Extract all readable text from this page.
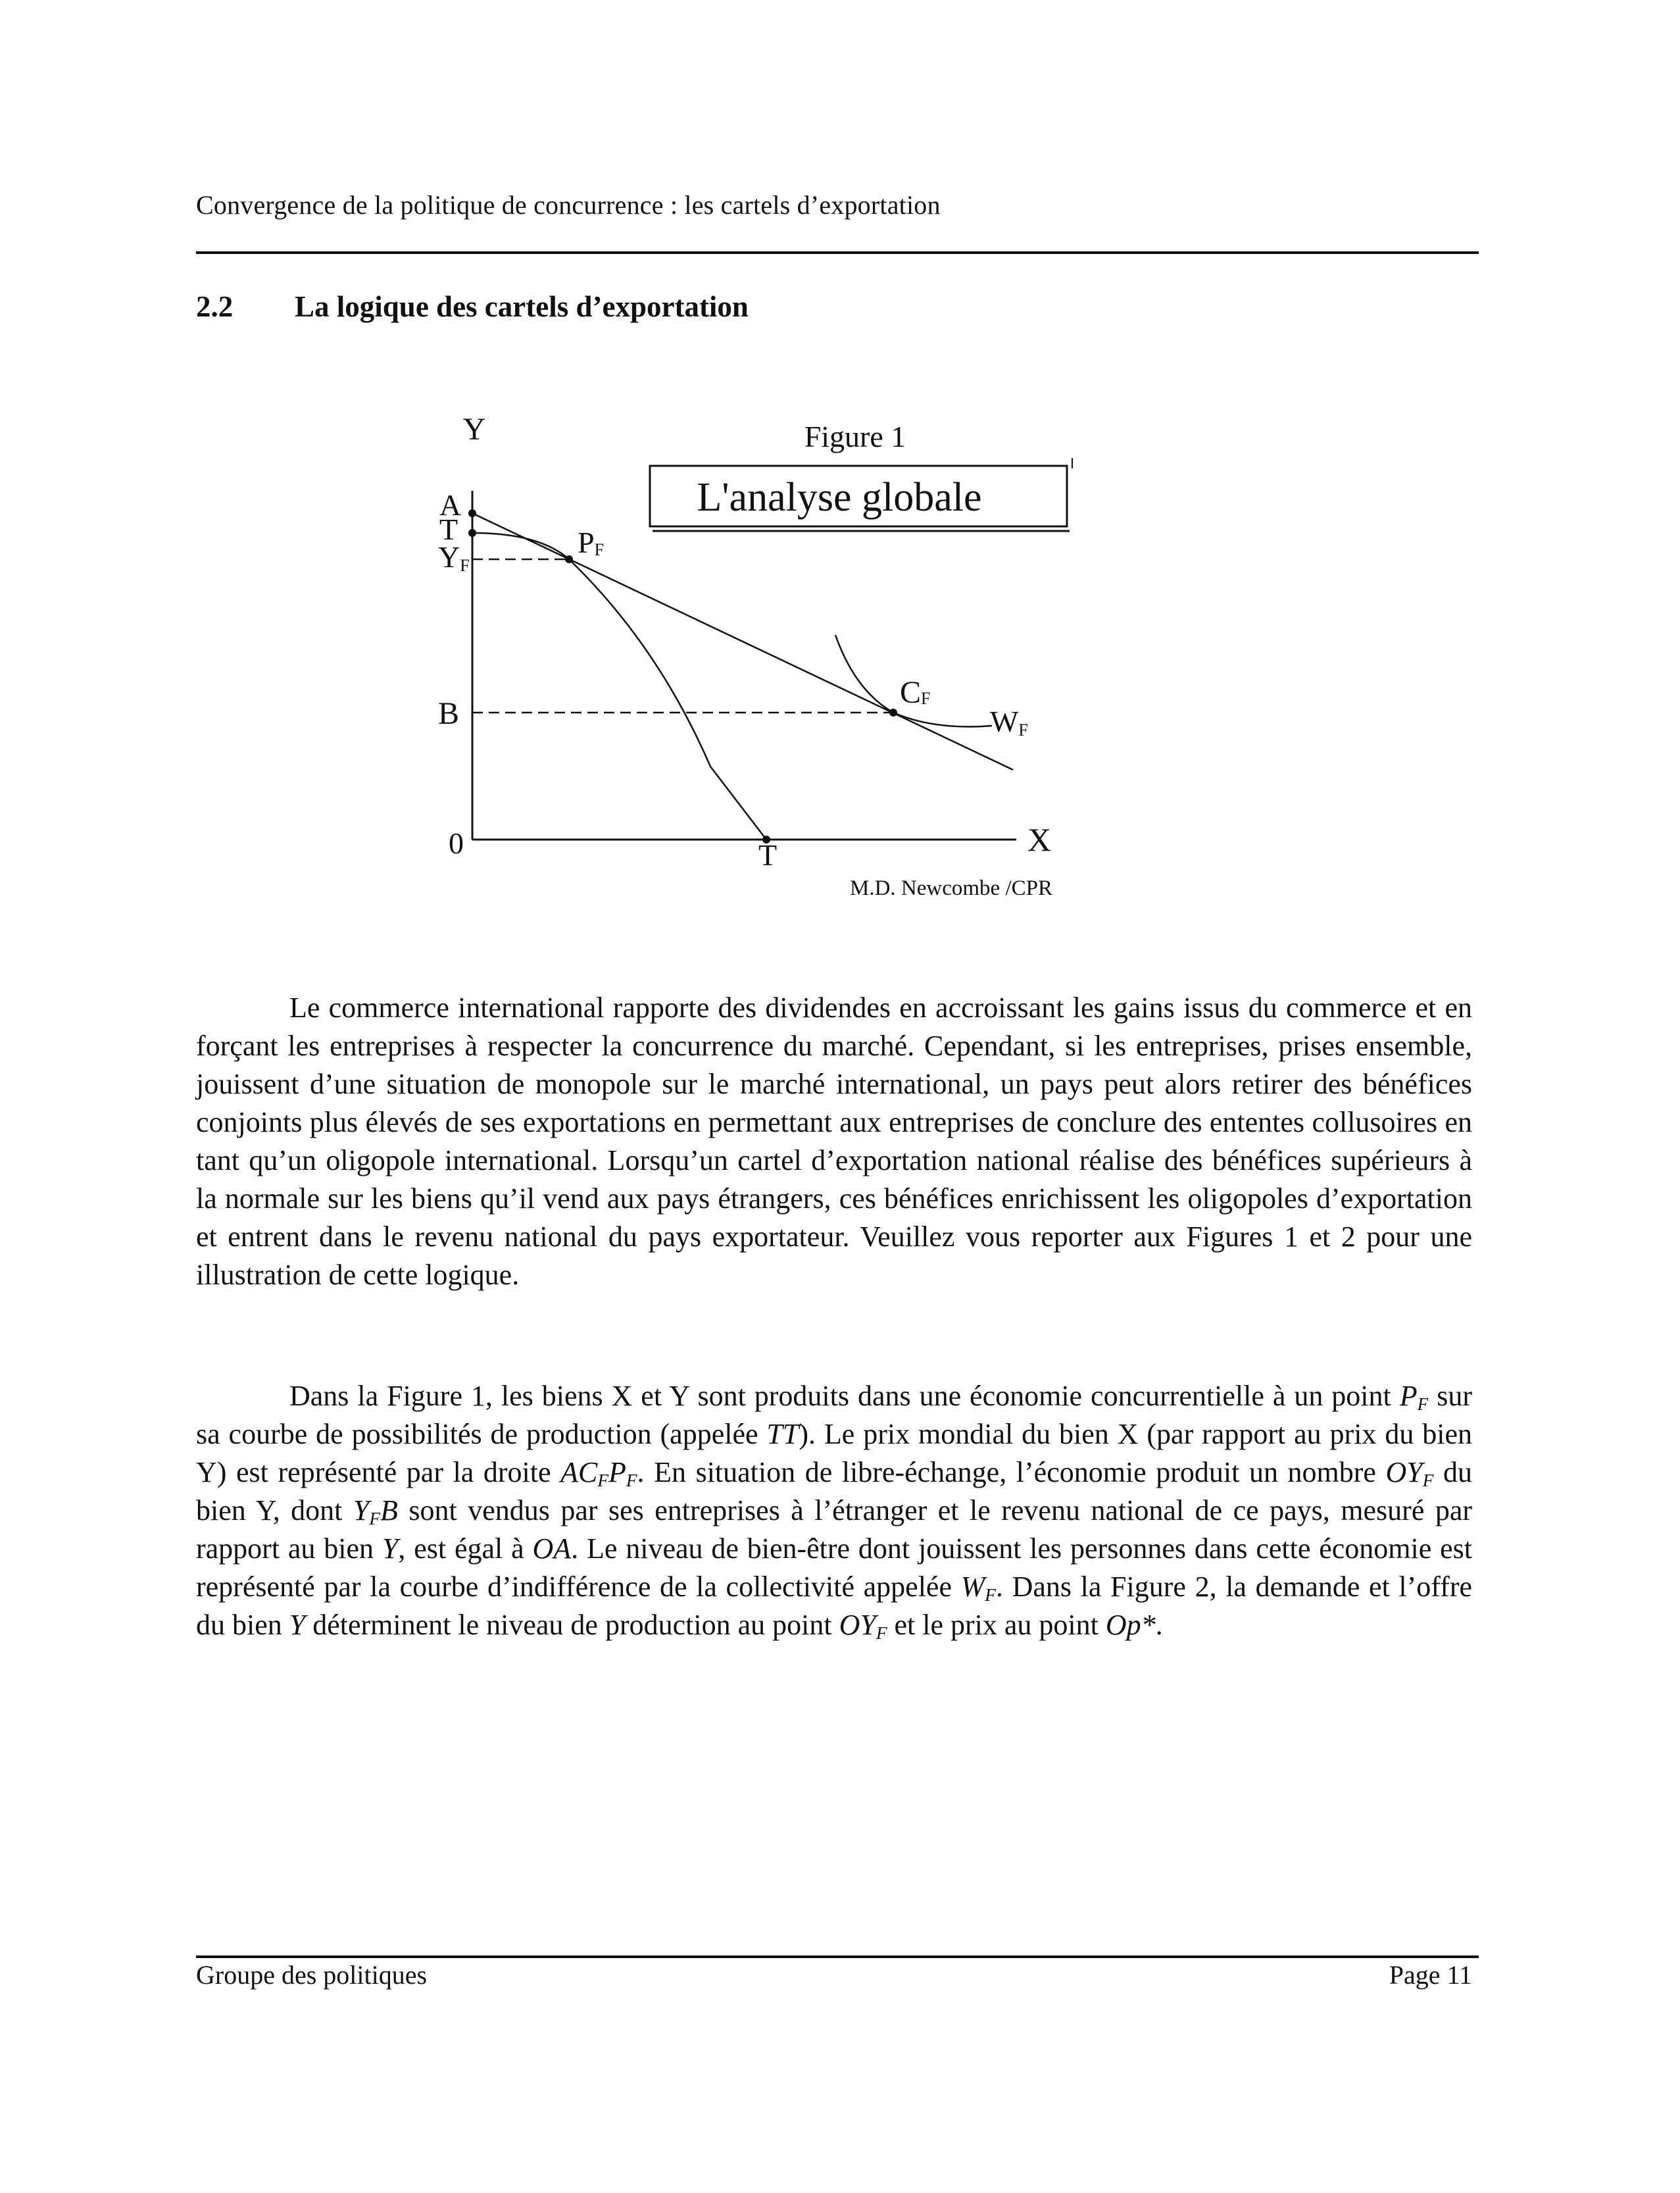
Convergence de la politique de concurrence : les cartels d’exportation
2.2 La logique des cartels d’exportation
Figure 1
L'analyse globale
Y
X
0
A
T
YF
B
PF
CF
WF
T
M.D. Newcombe /CPR

Le commerce international rapporte des dividendes en accroissant les gains issus du commerce et en forçant les entreprises à respecter la concurrence du marché. Cependant, si les entreprises, prises ensemble, jouissent d’une situation de monopole sur le marché international, un pays peut alors retirer des bénéfices conjoints plus élevés de ses exportations en permettant aux entreprises de conclure des ententes collusoires en tant qu’un oligopole international. Lorsqu’un cartel d’exportation national réalise des bénéfices supérieurs à la normale sur les biens qu’il vend aux pays étrangers, ces bénéfices enrichissent les oligopoles d’exportation et entrent dans le revenu national du pays exportateur. Veuillez vous reporter aux Figures 1 et 2 pour une illustration de cette logique.

Dans la Figure 1, les biens X et Y sont produits dans une économie concurrentielle à un point $P_F$ sur sa courbe de possibilités de production (appelée TT). Le prix mondial du bien X (par rapport au prix du bien Y) est représenté par la droite $AC_FP_F$. En situation de libre-échange, l’économie produit un nombre $OY_F$ du bien Y, dont $Y_FB$ sont vendus par ses entreprises à l’étranger et le revenu national de ce pays, mesuré par rapport au bien Y, est égal à OA. Le niveau de bien-être dont jouissent les personnes dans cette économie est représenté par la courbe d’indifférence de la collectivité appelée $W_F$. Dans la Figure 2, la demande et l’offre du bien Y déterminent le niveau de production au point $OY_F$ et le prix au point Op*.

Groupe des politiques	Page 11
